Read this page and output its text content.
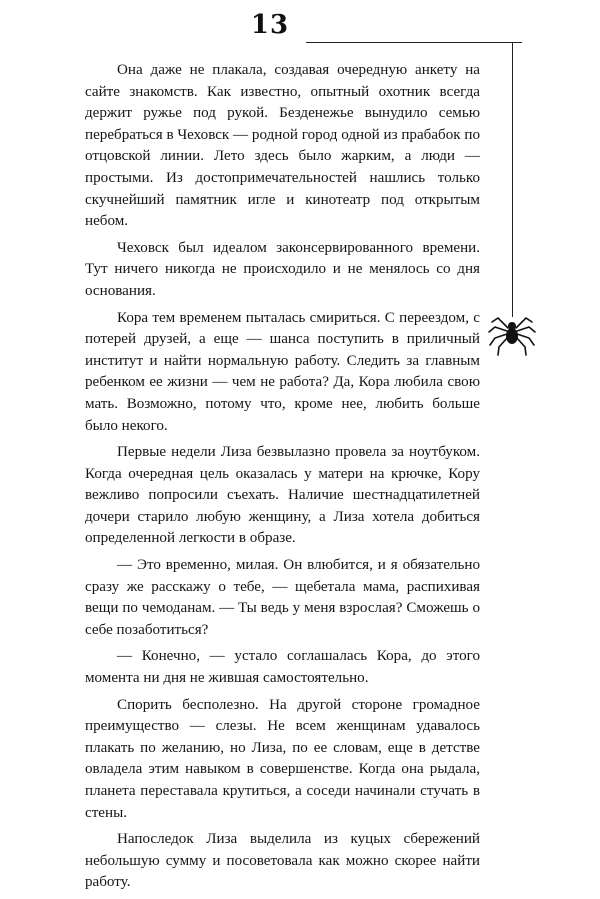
13

Она даже не плакала, создавая очередную анкету на сайте знакомств. Как известно, опытный охотник всегда держит ружье под рукой. Безденежье вынудило семью перебраться в Чеховск — родной город одной из прабабок по отцовской линии. Лето здесь было жарким, а люди — простыми. Из достопримечательностей нашлись только скучнейший памятник игле и кинотеатр под открытым небом.

Чеховск был идеалом законсервированного времени. Тут ничего никогда не происходило и не менялось со дня основания.

Кора тем временем пыталась смириться. С переездом, с потерей друзей, а еще — шанса поступить в приличный институт и найти нормальную работу. Следить за главным ребенком ее жизни — чем не работа? Да, Кора любила свою мать. Возможно, потому что, кроме нее, любить больше было некого.

Первые недели Лиза безвылазно провела за ноутбуком. Когда очередная цель оказалась у матери на крючке, Кору вежливо попросили съехать. Наличие шестнадцатилетней дочери старило любую женщину, а Лиза хотела добиться определенной легкости в образе.

— Это временно, милая. Он влюбится, и я обязательно сразу же расскажу о тебе, — щебетала мама, распихивая вещи по чемоданам. — Ты ведь у меня взрослая? Сможешь о себе позаботиться?

— Конечно, — устало соглашалась Кора, до этого момента ни дня не жившая самостоятельно.

Спорить бесполезно. На другой стороне громадное преимущество — слезы. Не всем женщинам удавалось плакать по желанию, но Лиза, по ее словам, еще в детстве овладела этим навыком в совершенстве. Когда она рыдала, планета переставала крутиться, а соседи начинали стучать в стены.

Напоследок Лиза выделила из куцых сбережений небольшую сумму и посоветовала как можно скорее найти работу.
